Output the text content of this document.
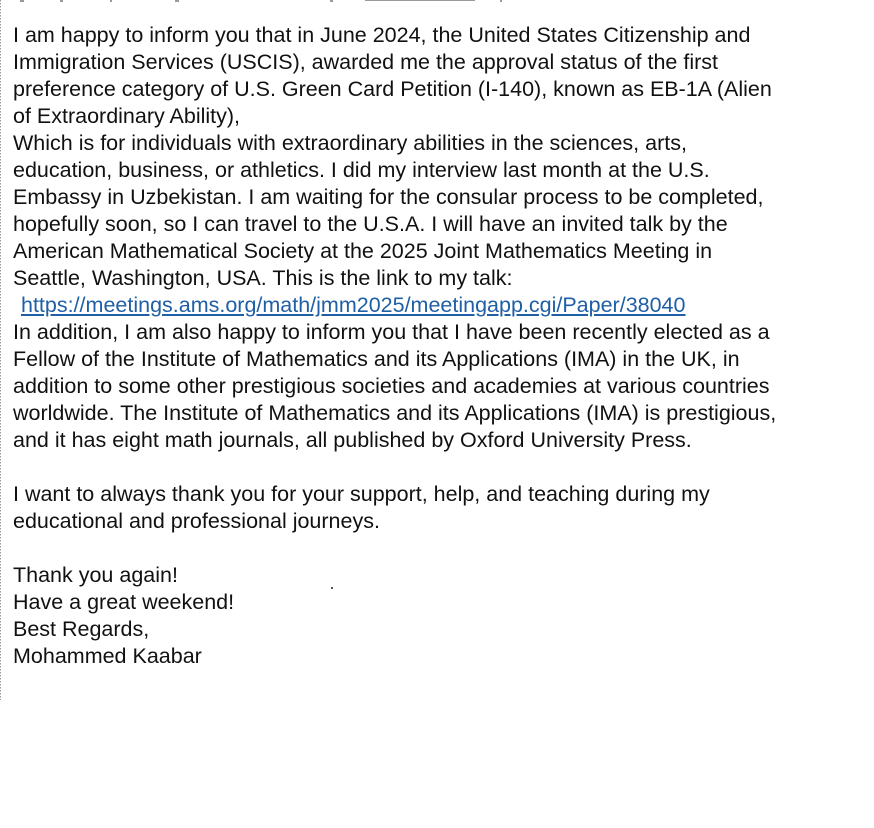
I am happy to inform you that in June 2024, the United States Citizenship and
Immigration Services (USCIS), awarded me the approval status of the first
preference category of U.S. Green Card Petition (I-140), known as EB-1A (Alien
of Extraordinary Ability),
Which is for individuals with extraordinary abilities in the sciences, arts,
education, business, or athletics. I did my interview last month at the U.S.
Embassy in Uzbekistan. I am waiting for the consular process to be completed,
hopefully soon, so I can travel to the U.S.A. I will have an invited talk by the
American Mathematical Society at the 2025 Joint Mathematics Meeting in
Seattle, Washington, USA. This is the link to my talk:
https://meetings.ams.org/math/jmm2025/meetingapp.cgi/Paper/38040
In addition, I am also happy to inform you that I have been recently elected as a
Fellow of the Institute of Mathematics and its Applications (IMA) in the UK, in
addition to some other prestigious societies and academies at various countries
worldwide. The Institute of Mathematics and its Applications (IMA) is prestigious,
and it has eight math journals, all published by Oxford University Press.
I want to always thank you for your support, help, and teaching during my
educational and professional journeys.
Thank you again!
Have a great weekend!
Best Regards,
Mohammed Kaabar
